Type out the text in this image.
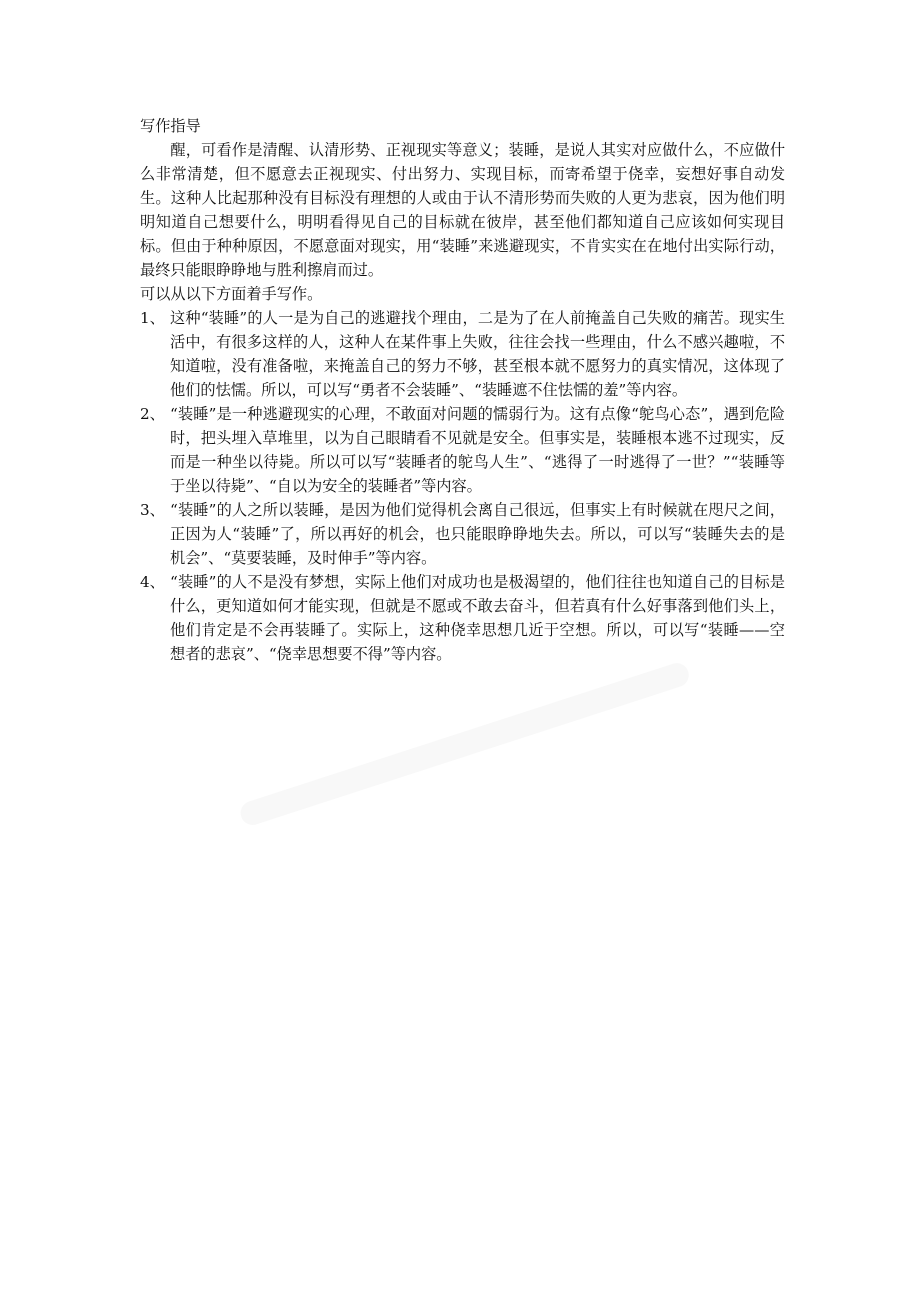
写作指导
醒，可看作是清醒、认清形势、正视现实等意义；装睡，是说人其实对应做什么，不应做什么非常清楚，但不愿意去正视现实、付出努力、实现目标，而寄希望于侥幸，妄想好事自动发生。这种人比起那种没有目标没有理想的人或由于认不清形势而失败的人更为悲哀，因为他们明明知道自己想要什么，明明看得见自己的目标就在彼岸，甚至他们都知道自己应该如何实现目标。但由于种种原因，不愿意面对现实，用“装睡”来逃避现实，不肯实实在在地付出实际行动，最终只能眼睁睁地与胜利擦肩而过。
可以从以下方面着手写作。
1、 这种“装睡”的人一是为自己的逃避找个理由，二是为了在人前掩盖自己失败的痛苦。现实生活中，有很多这样的人，这种人在某件事上失败，往往会找一些理由，什么不感兴趣啦，不知道啦，没有准备啦，来掩盖自己的努力不够，甚至根本就不愿努力的真实情况，这体现了他们的怯懦。所以，可以写“勇者不会装睡”、“装睡遮不住怯懦的羞”等内容。
2、 “装睡”是一种逃避现实的心理，不敢面对问题的懦弱行为。这有点像“鸵鸟心态”，遇到危险时，把头埋入草堆里，以为自己眼睛看不见就是安全。但事实是，装睡根本逃不过现实，反而是一种坐以待毙。所以可以写“装睡者的鸵鸟人生”、“逃得了一时逃得了一世？”“装睡等于坐以待毙”、“自以为安全的装睡者”等内容。
3、 “装睡”的人之所以装睡，是因为他们觉得机会离自己很远，但事实上有时候就在咫尺之间，正因为人“装睡”了，所以再好的机会，也只能眼睁睁地失去。所以，可以写“装睡失去的是机会”、“莫要装睡，及时伸手”等内容。
4、 “装睡”的人不是没有梦想，实际上他们对成功也是极渴望的，他们往往也知道自己的目标是什么，更知道如何才能实现，但就是不愿或不敢去奋斗，但若真有什么好事落到他们头上，他们肯定是不会再装睡了。实际上，这种侥幸思想几近于空想。所以，可以写“装睡——空想者的悲哀”、“侥幸思想要不得”等内容。
